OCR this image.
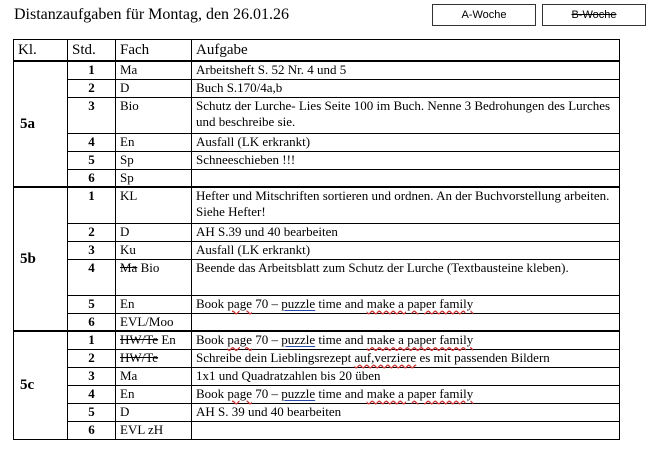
Distanzaufgaben für Montag, den 26.01.26	A-Woche	B-Woche
Kl.	Std.	Fach	Aufgabe
5a	1	Ma	Arbeitsheft S. 52 Nr. 4 und 5
	2	D	Buch S.170/4a,b
	3	Bio	Schutz der Lurche- Lies Seite 100 im Buch. Nenne 3 Bedrohungen des Lurches und beschreibe sie.
	4	En	Ausfall (LK erkrankt)
	5	Sp	Schneeschieben !!!
	6	Sp	
5b	1	KL	Hefter und Mitschriften sortieren und ordnen. An der Buchvorstellung arbeiten. Siehe Hefter!
	2	D	AH S.39 und 40 bearbeiten
	3	Ku	Ausfall (LK erkrankt)
	4	Ma Bio	Beende das Arbeitsblatt zum Schutz der Lurche (Textbausteine kleben).
	5	En	Book page 70 – puzzle time and make a paper family
	6	EVL/Moo	
5c	1	HW/Te En	Book page 70 – puzzle time and make a paper family
	2	HW/Te	Schreibe dein Lieblingsrezept auf,verziere es mit passenden Bildern
	3	Ma	1x1 und Quadratzahlen bis 20 üben
	4	En	Book page 70 – puzzle time and make a paper family
	5	D	AH S. 39 und 40 bearbeiten
	6	EVL zH	
